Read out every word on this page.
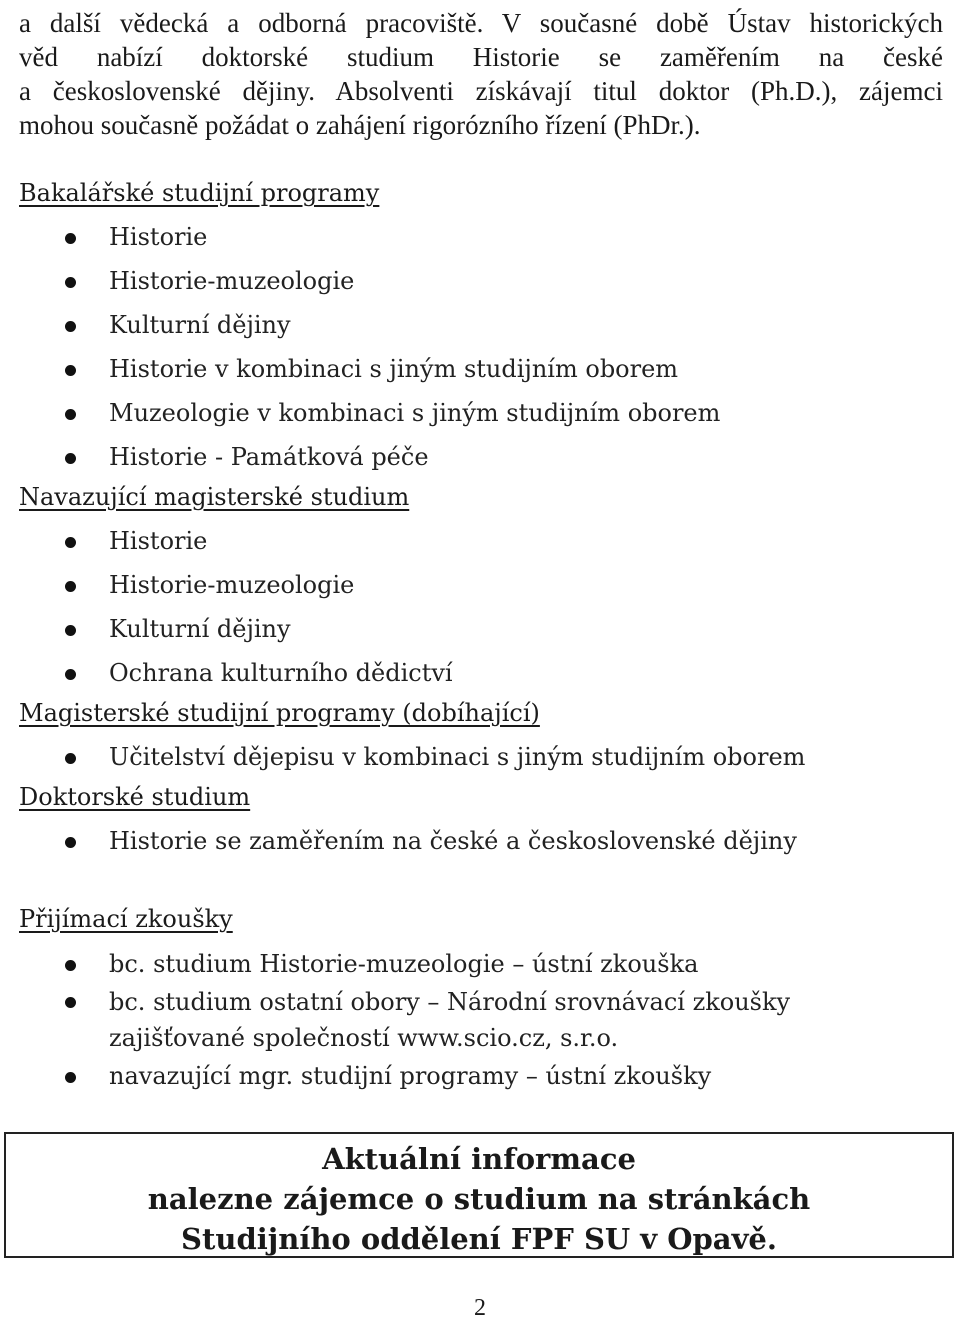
a další vědecká a odborná pracoviště. V současné době Ústav historických
věd nabízí doktorské studium Historie se zaměřením na české
a československé dějiny. Absolventi získávají titul doktor (Ph.D.), zájemci
mohou současně požádat o zahájení rigorózního řízení (PhDr.).
Bakalářské studijní programy
Historie
Historie-muzeologie
Kulturní dějiny
Historie v kombinaci s jiným studijním oborem
Muzeologie v kombinaci s jiným studijním oborem
Historie - Památková péče
Navazující magisterské studium
Historie
Historie-muzeologie
Kulturní dějiny
Ochrana kulturního dědictví
Magisterské studijní programy (dobíhající)
Učitelství dějepisu v kombinaci s jiným studijním oborem
Doktorské studium
Historie se zaměřením na české a československé dějiny
Přijímací zkoušky
bc. studium Historie-muzeologie – ústní zkouška
bc. studium ostatní obory – Národní srovnávací zkoušky zajišťované společností www.scio.cz, s.r.o.
navazující mgr. studijní programy – ústní zkoušky
Aktuální informace
nalezne zájemce o studium na stránkách
Studijního oddělení FPF SU v Opavě.
2
